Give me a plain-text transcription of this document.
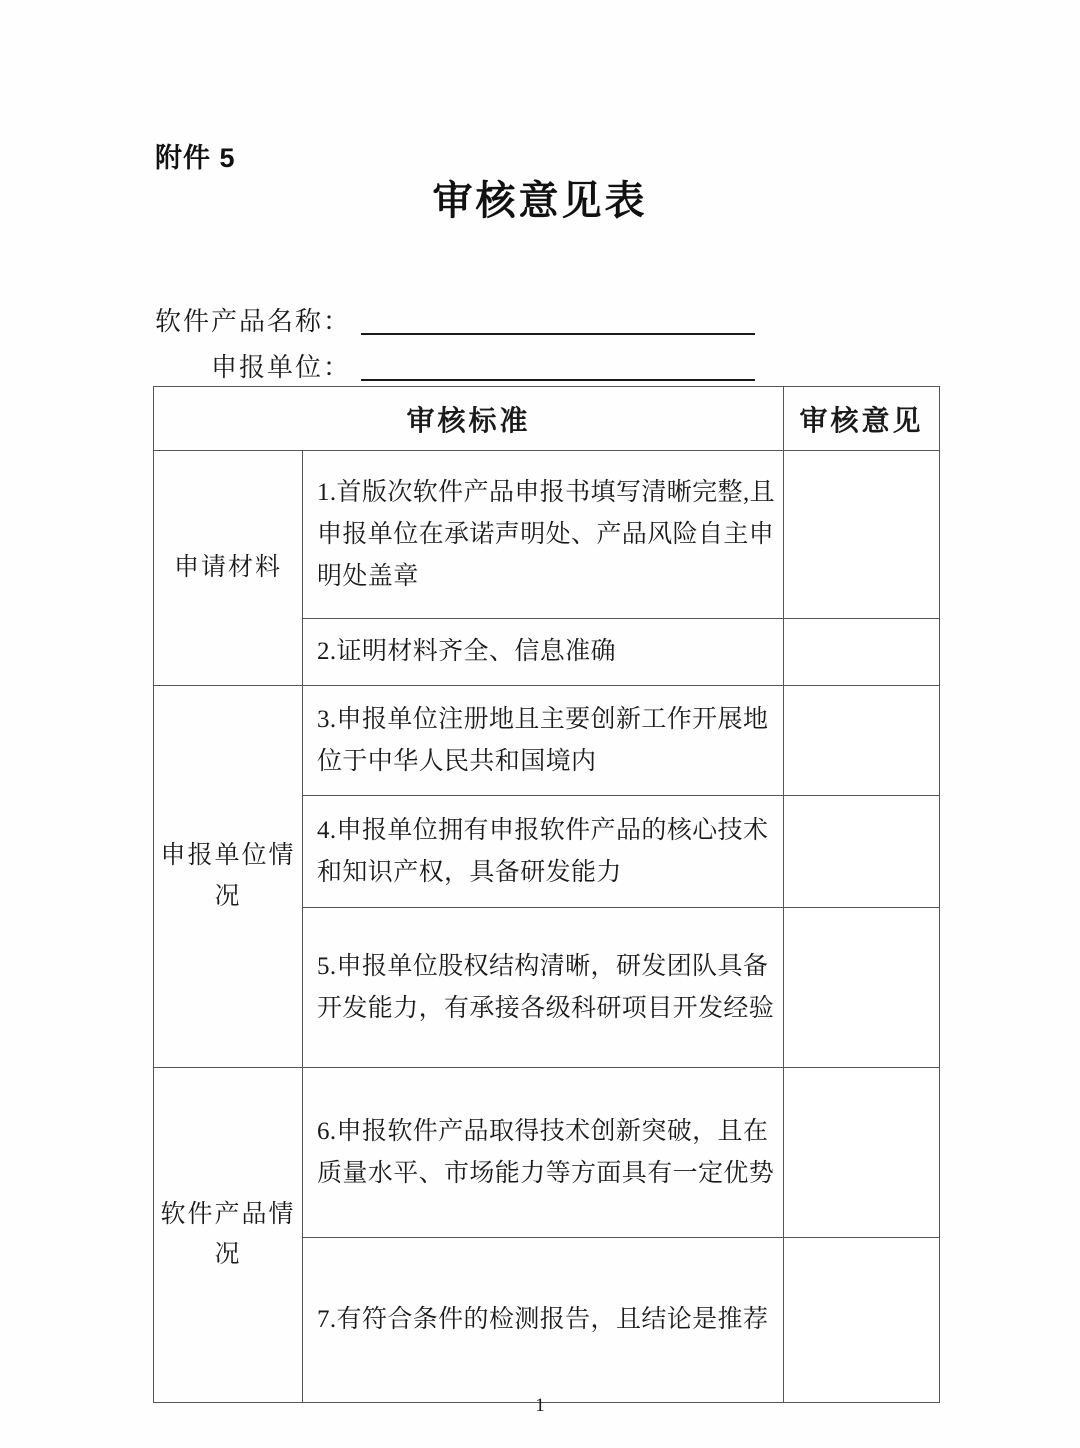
附件 5
审核意见表
软件产品名称：
申报单位：
审核标准		审核意见
申请材料	1.首版次软件产品申报书填写清晰完整,且申报单位在承诺声明处、产品风险自主申明处盖章	
	2.证明材料齐全、信息准确	
申报单位情况	3.申报单位注册地且主要创新工作开展地位于中华人民共和国境内	
	4.申报单位拥有申报软件产品的核心技术和知识产权，具备研发能力	
	5.申报单位股权结构清晰，研发团队具备开发能力，有承接各级科研项目开发经验	
软件产品情况	6.申报软件产品取得技术创新突破，且在质量水平、市场能力等方面具有一定优势	
	7.有符合条件的检测报告，且结论是推荐	
1
